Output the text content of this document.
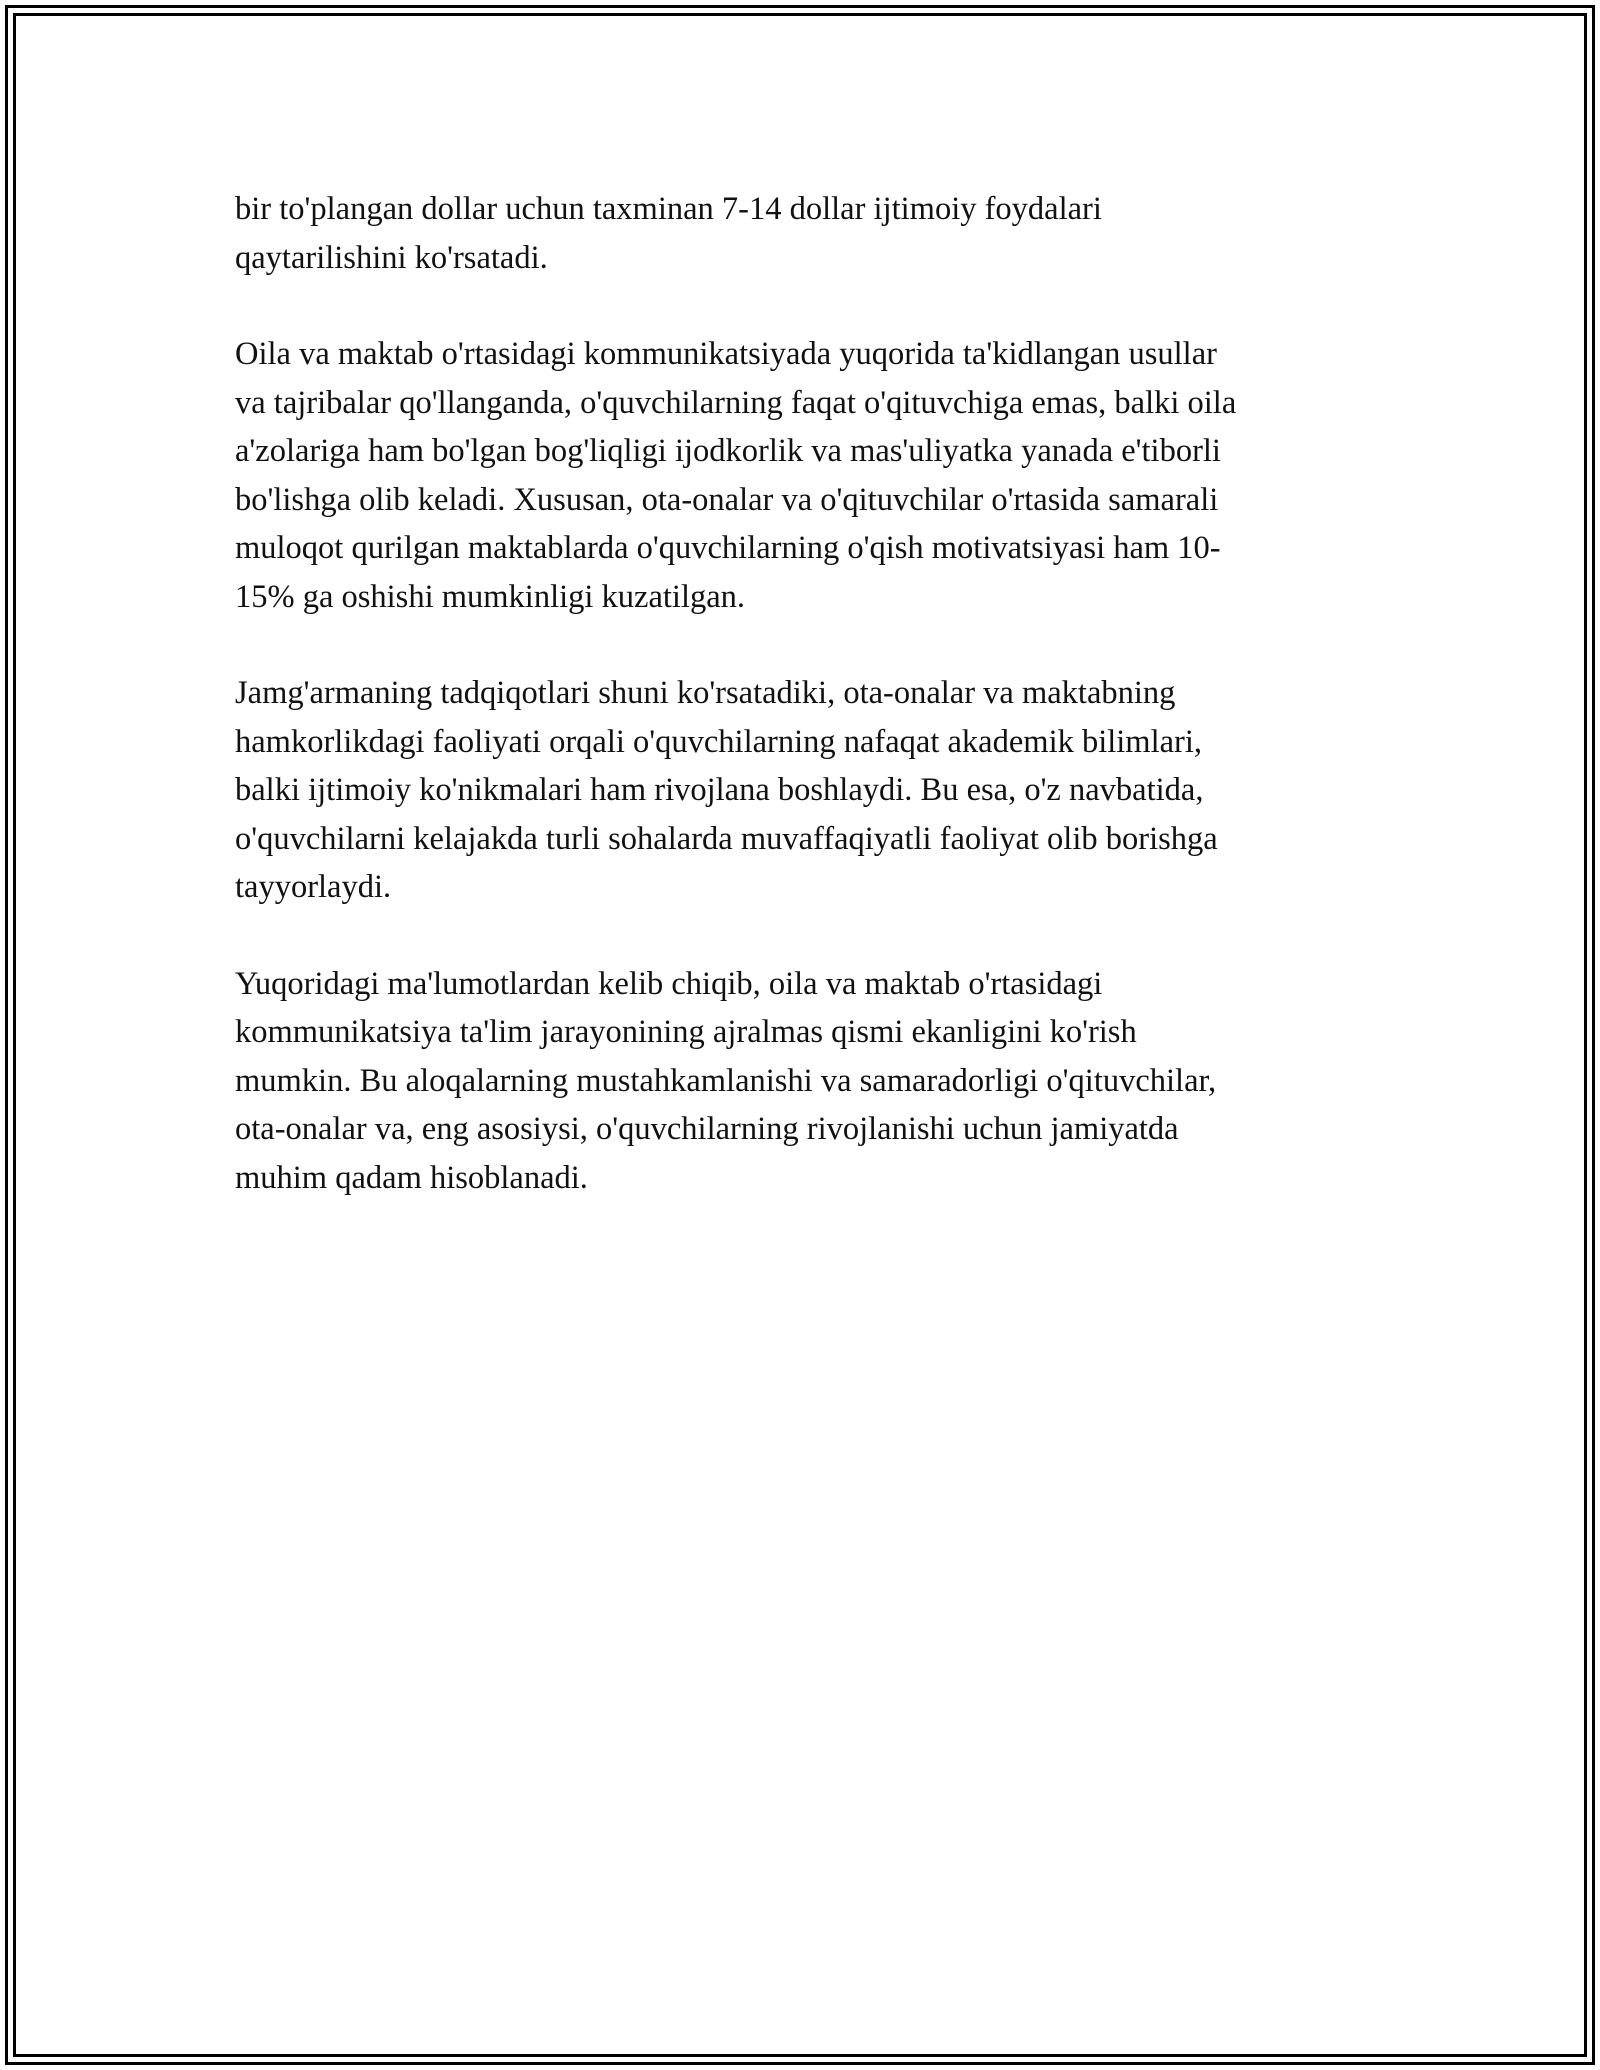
bir to'plangan dollar uchun taxminan 7-14 dollar ijtimoiy foydalari
qaytarilishini ko'rsatadi.

Oila va maktab o'rtasidagi kommunikatsiyada yuqorida ta'kidlangan usullar
va tajribalar qo'llanganda, o'quvchilarning faqat o'qituvchiga emas, balki oila
a'zolariga ham bo'lgan bog'liqligi ijodkorlik va mas'uliyatka yanada e'tiborli
bo'lishga olib keladi. Xususan, ota-onalar va o'qituvchilar o'rtasida samarali
muloqot qurilgan maktablarda o'quvchilarning o'qish motivatsiyasi ham 10-
15% ga oshishi mumkinligi kuzatilgan.

Jamg'armaning tadqiqotlari shuni ko'rsatadiki, ota-onalar va maktabning
hamkorlikdagi faoliyati orqali o'quvchilarning nafaqat akademik bilimlari,
balki ijtimoiy ko'nikmalari ham rivojlana boshlaydi. Bu esa, o'z navbatida,
o'quvchilarni kelajakda turli sohalarda muvaffaqiyatli faoliyat olib borishga
tayyorlaydi.

Yuqoridagi ma'lumotlardan kelib chiqib, oila va maktab o'rtasidagi
kommunikatsiya ta'lim jarayonining ajralmas qismi ekanligini ko'rish
mumkin. Bu aloqalarning mustahkamlanishi va samaradorligi o'qituvchilar,
ota-onalar va, eng asosiysi, o'quvchilarning rivojlanishi uchun jamiyatda
muhim qadam hisoblanadi.
